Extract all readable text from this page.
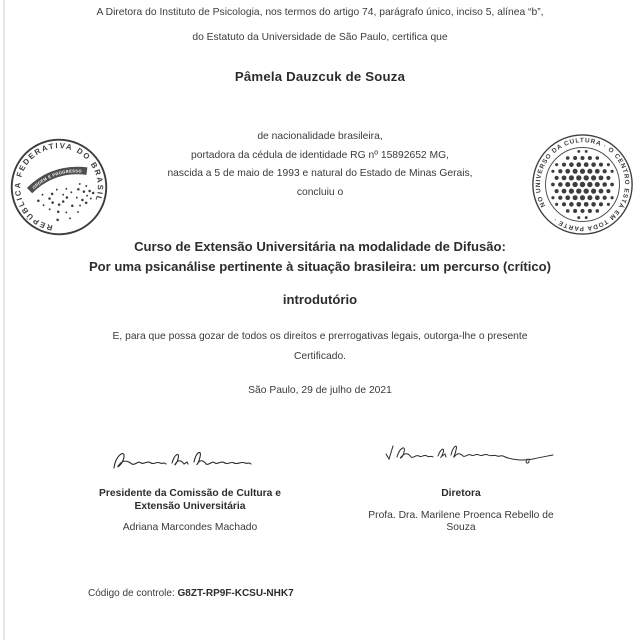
A Diretora do Instituto de Psicologia, nos termos do artigo 74, parágrafo único, inciso 5, alínea “b”,
do Estatuto da Universidade de São Paulo, certifica que
Pâmela Dauzcuk de Souza
REPÚBLICA FEDERATIVA DO BRASIL
ORDEM E PROGRESSO
NO UNIVERSO DA CULTURA · O CENTRO ESTÁ EM TODA PARTE ·
de nacionalidade brasileira,
portadora da cédula de identidade RG nº 15892652 MG,
nascida a 5 de maio de 1993 e natural do Estado de Minas Gerais,
concluiu o
Curso de Extensão Universitária na modalidade de Difusão:
Por uma psicanálise pertinente à situação brasileira: um percurso (crítico)
introdutório
E, para que possa gozar de todos os direitos e prerrogativas legais, outorga-lhe o presente
Certificado.
São Paulo, 29 de julho de 2021
Presidente da Comissão de Cultura e
Extensão Universitária
Adriana Marcondes Machado
Diretora
Profa. Dra. Marilene Proenca Rebello de
Souza
Código de controle: G8ZT-RP9F-KCSU-NHK7
